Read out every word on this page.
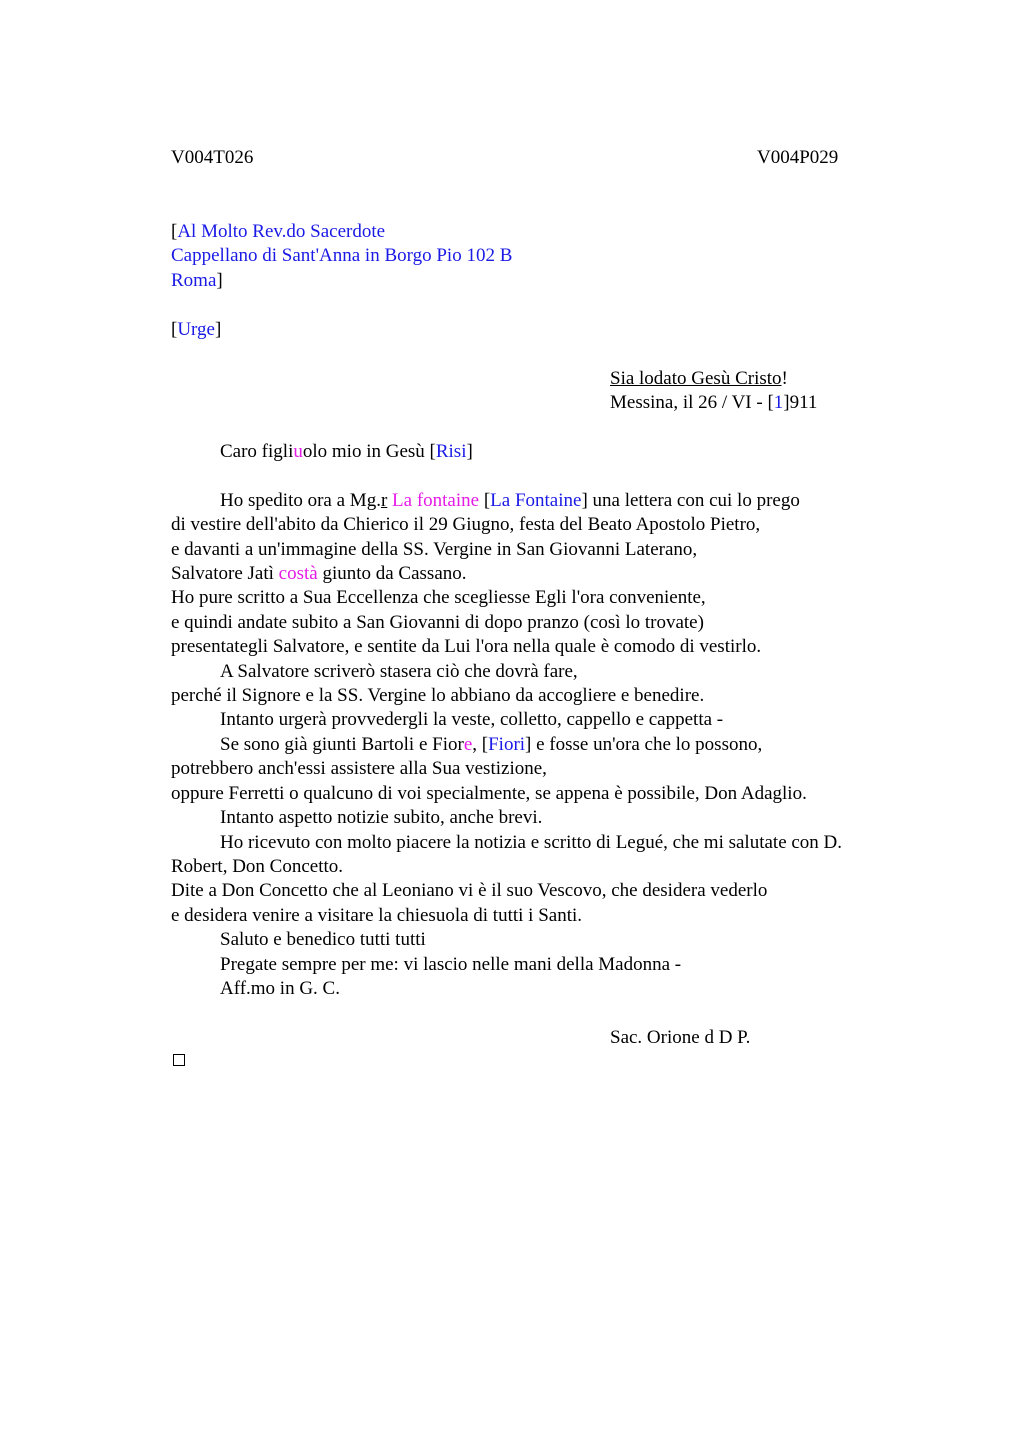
V004T026	V004P029
[Al Molto Rev.do Sacerdote
Cappellano di Sant'Anna in Borgo Pio 102 B
Roma]
[Urge]
Sia lodato Gesù Cristo!
Messina, il 26 / VI - [1]911
Caro figliuolo mio in Gesù [Risi]
Ho spedito ora a Mg.r La fontaine [La Fontaine] una lettera con cui lo prego
di vestire dell'abito da Chierico il 29 Giugno, festa del Beato Apostolo Pietro,
e davanti a un'immagine della SS. Vergine in San Giovanni Laterano,
Salvatore Jatì costà giunto da Cassano.
Ho pure scritto a Sua Eccellenza che scegliesse Egli l'ora conveniente,
e quindi andate subito a San Giovanni di dopo pranzo (così lo trovate)
presentategli Salvatore, e sentite da Lui l'ora nella quale è comodo di vestirlo.
A Salvatore scriverò stasera ciò che dovrà fare,
perché il Signore e la SS. Vergine lo abbiano da accogliere e benedire.
Intanto urgerà provvedergli la veste, colletto, cappello e cappetta -
Se sono già giunti Bartoli e Fiore, [Fiori] e fosse un'ora che lo possono,
potrebbero anch'essi assistere alla Sua vestizione,
oppure Ferretti o qualcuno di voi specialmente, se appena è possibile, Don Adaglio.
Intanto aspetto notizie subito, anche brevi.
Ho ricevuto con molto piacere la notizia e scritto di Legué, che mi salutate con D.
Robert, Don Concetto.
Dite a Don Concetto che al Leoniano vi è il suo Vescovo, che desidera vederlo
e desidera venire a visitare la chiesuola di tutti i Santi.
Saluto e benedico tutti tutti
Pregate sempre per me: vi lascio nelle mani della Madonna -
Aff.mo in G. C.
Sac. Orione d D P.
